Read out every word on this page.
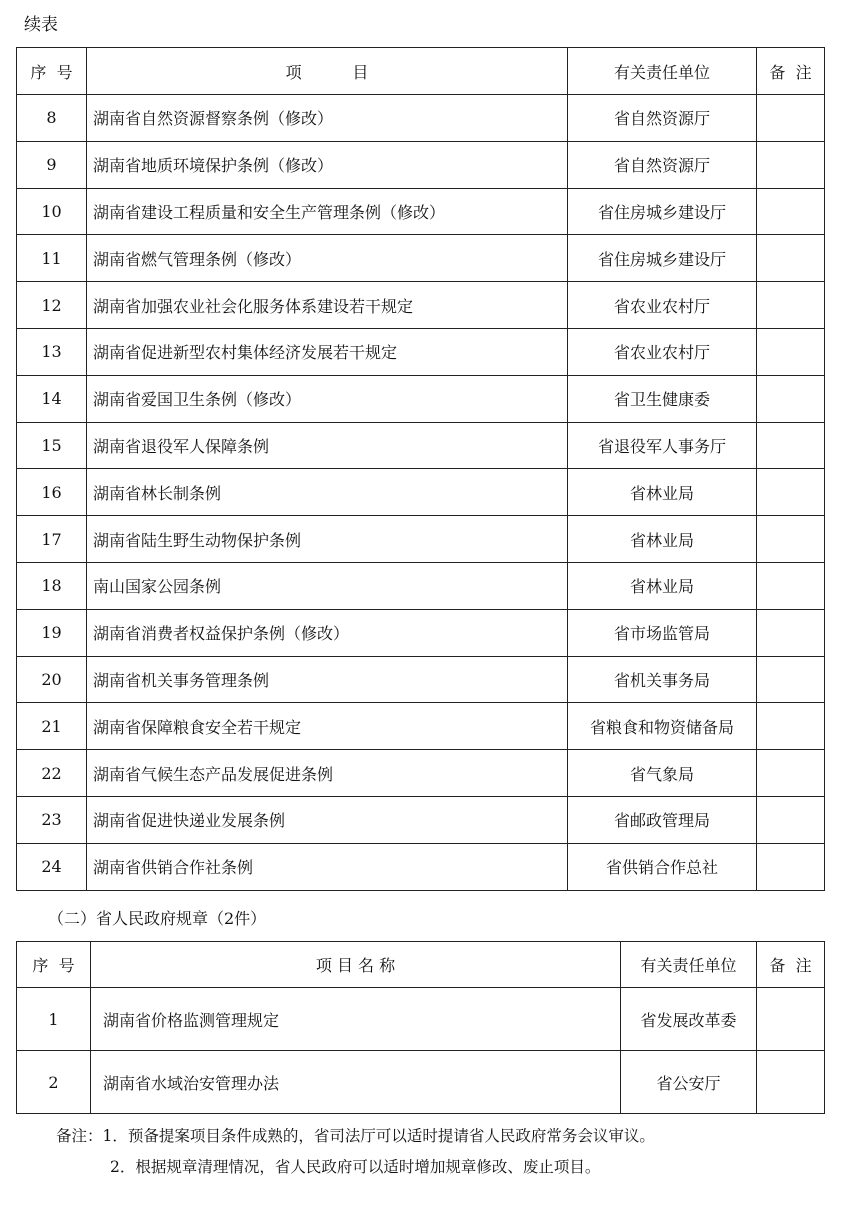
续表
序  号	项          目	有关责任单位	备  注
8	湖南省自然资源督察条例（修改）	省自然资源厅	
9	湖南省地质环境保护条例（修改）	省自然资源厅	
10	湖南省建设工程质量和安全生产管理条例（修改）	省住房城乡建设厅	
11	湖南省燃气管理条例（修改）	省住房城乡建设厅	
12	湖南省加强农业社会化服务体系建设若干规定	省农业农村厅	
13	湖南省促进新型农村集体经济发展若干规定	省农业农村厅	
14	湖南省爱国卫生条例（修改）	省卫生健康委	
15	湖南省退役军人保障条例	省退役军人事务厅	
16	湖南省林长制条例	省林业局	
17	湖南省陆生野生动物保护条例	省林业局	
18	南山国家公园条例	省林业局	
19	湖南省消费者权益保护条例（修改）	省市场监管局	
20	湖南省机关事务管理条例	省机关事务局	
21	湖南省保障粮食安全若干规定	省粮食和物资储备局	
22	湖南省气候生态产品发展促进条例	省气象局	
23	湖南省促进快递业发展条例	省邮政管理局	
24	湖南省供销合作社条例	省供销合作总社	
（二）省人民政府规章（2件）
序  号	项 目 名 称	有关责任单位	备  注
1	湖南省价格监测管理规定	省发展改革委	
2	湖南省水域治安管理办法	省公安厅	
备注：1．预备提案项目条件成熟的，省司法厅可以适时提请省人民政府常务会议审议。
2．根据规章清理情况，省人民政府可以适时增加规章修改、废止项目。
